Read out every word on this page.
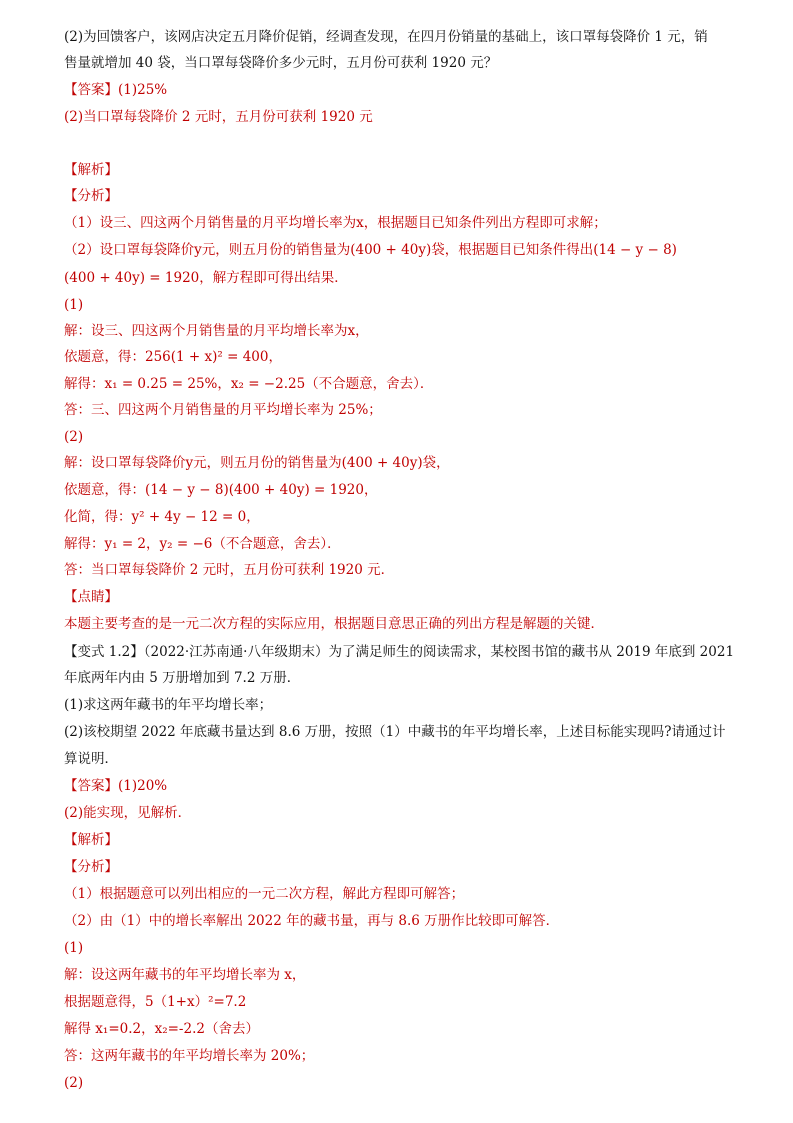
(2)为回馈客户，该网店决定五月降价促销，经调查发现，在四月份销量的基础上，该口罩每袋降价 1 元，销
售量就增加 40 袋，当口罩每袋降价多少元时，五月份可获利 1920 元？
【答案】(1)25%
(2)当口罩每袋降价 2 元时，五月份可获利 1920 元
【解析】
【分析】
（1）设三、四这两个月销售量的月平均增长率为x，根据题目已知条件列出方程即可求解；
（2）设口罩每袋降价y元，则五月份的销售量为(400 + 40y)袋，根据题目已知条件得出(14 − y − 8)
(400 + 40y) = 1920，解方程即可得出结果．
(1)
解：设三、四这两个月销售量的月平均增长率为x，
依题意，得：256(1 + x)² = 400，
解得：x₁ = 0.25 = 25%，x₂ = −2.25（不合题意，舍去）．
答：三、四这两个月销售量的月平均增长率为 25%；
(2)
解：设口罩每袋降价y元，则五月份的销售量为(400 + 40y)袋，
依题意，得：(14 − y − 8)(400 + 40y) = 1920，
化简，得：y² + 4y − 12 = 0，
解得：y₁ = 2，y₂ = −6（不合题意，舍去）．
答：当口罩每袋降价 2 元时，五月份可获利 1920 元．
【点睛】
本题主要考查的是一元二次方程的实际应用，根据题目意思正确的列出方程是解题的关键．
【变式 1.2】（2022·江苏南通·八年级期末）为了满足师生的阅读需求，某校图书馆的藏书从 2019 年底到 2021
年底两年内由 5 万册增加到 7.2 万册．
(1)求这两年藏书的年平均增长率；
(2)该校期望 2022 年底藏书量达到 8.6 万册，按照（1）中藏书的年平均增长率，上述目标能实现吗?请通过计
算说明．
【答案】(1)20%
(2)能实现，见解析．
【解析】
【分析】
（1）根据题意可以列出相应的一元二次方程，解此方程即可解答；
（2）由（1）中的增长率解出 2022 年的藏书量，再与 8.6 万册作比较即可解答．
(1)
解：设这两年藏书的年平均增长率为 x，
根据题意得，5（1+x）²=7.2
解得 x₁=0.2，x₂=-2.2（舍去）
答：这两年藏书的年平均增长率为 20%；
(2)
